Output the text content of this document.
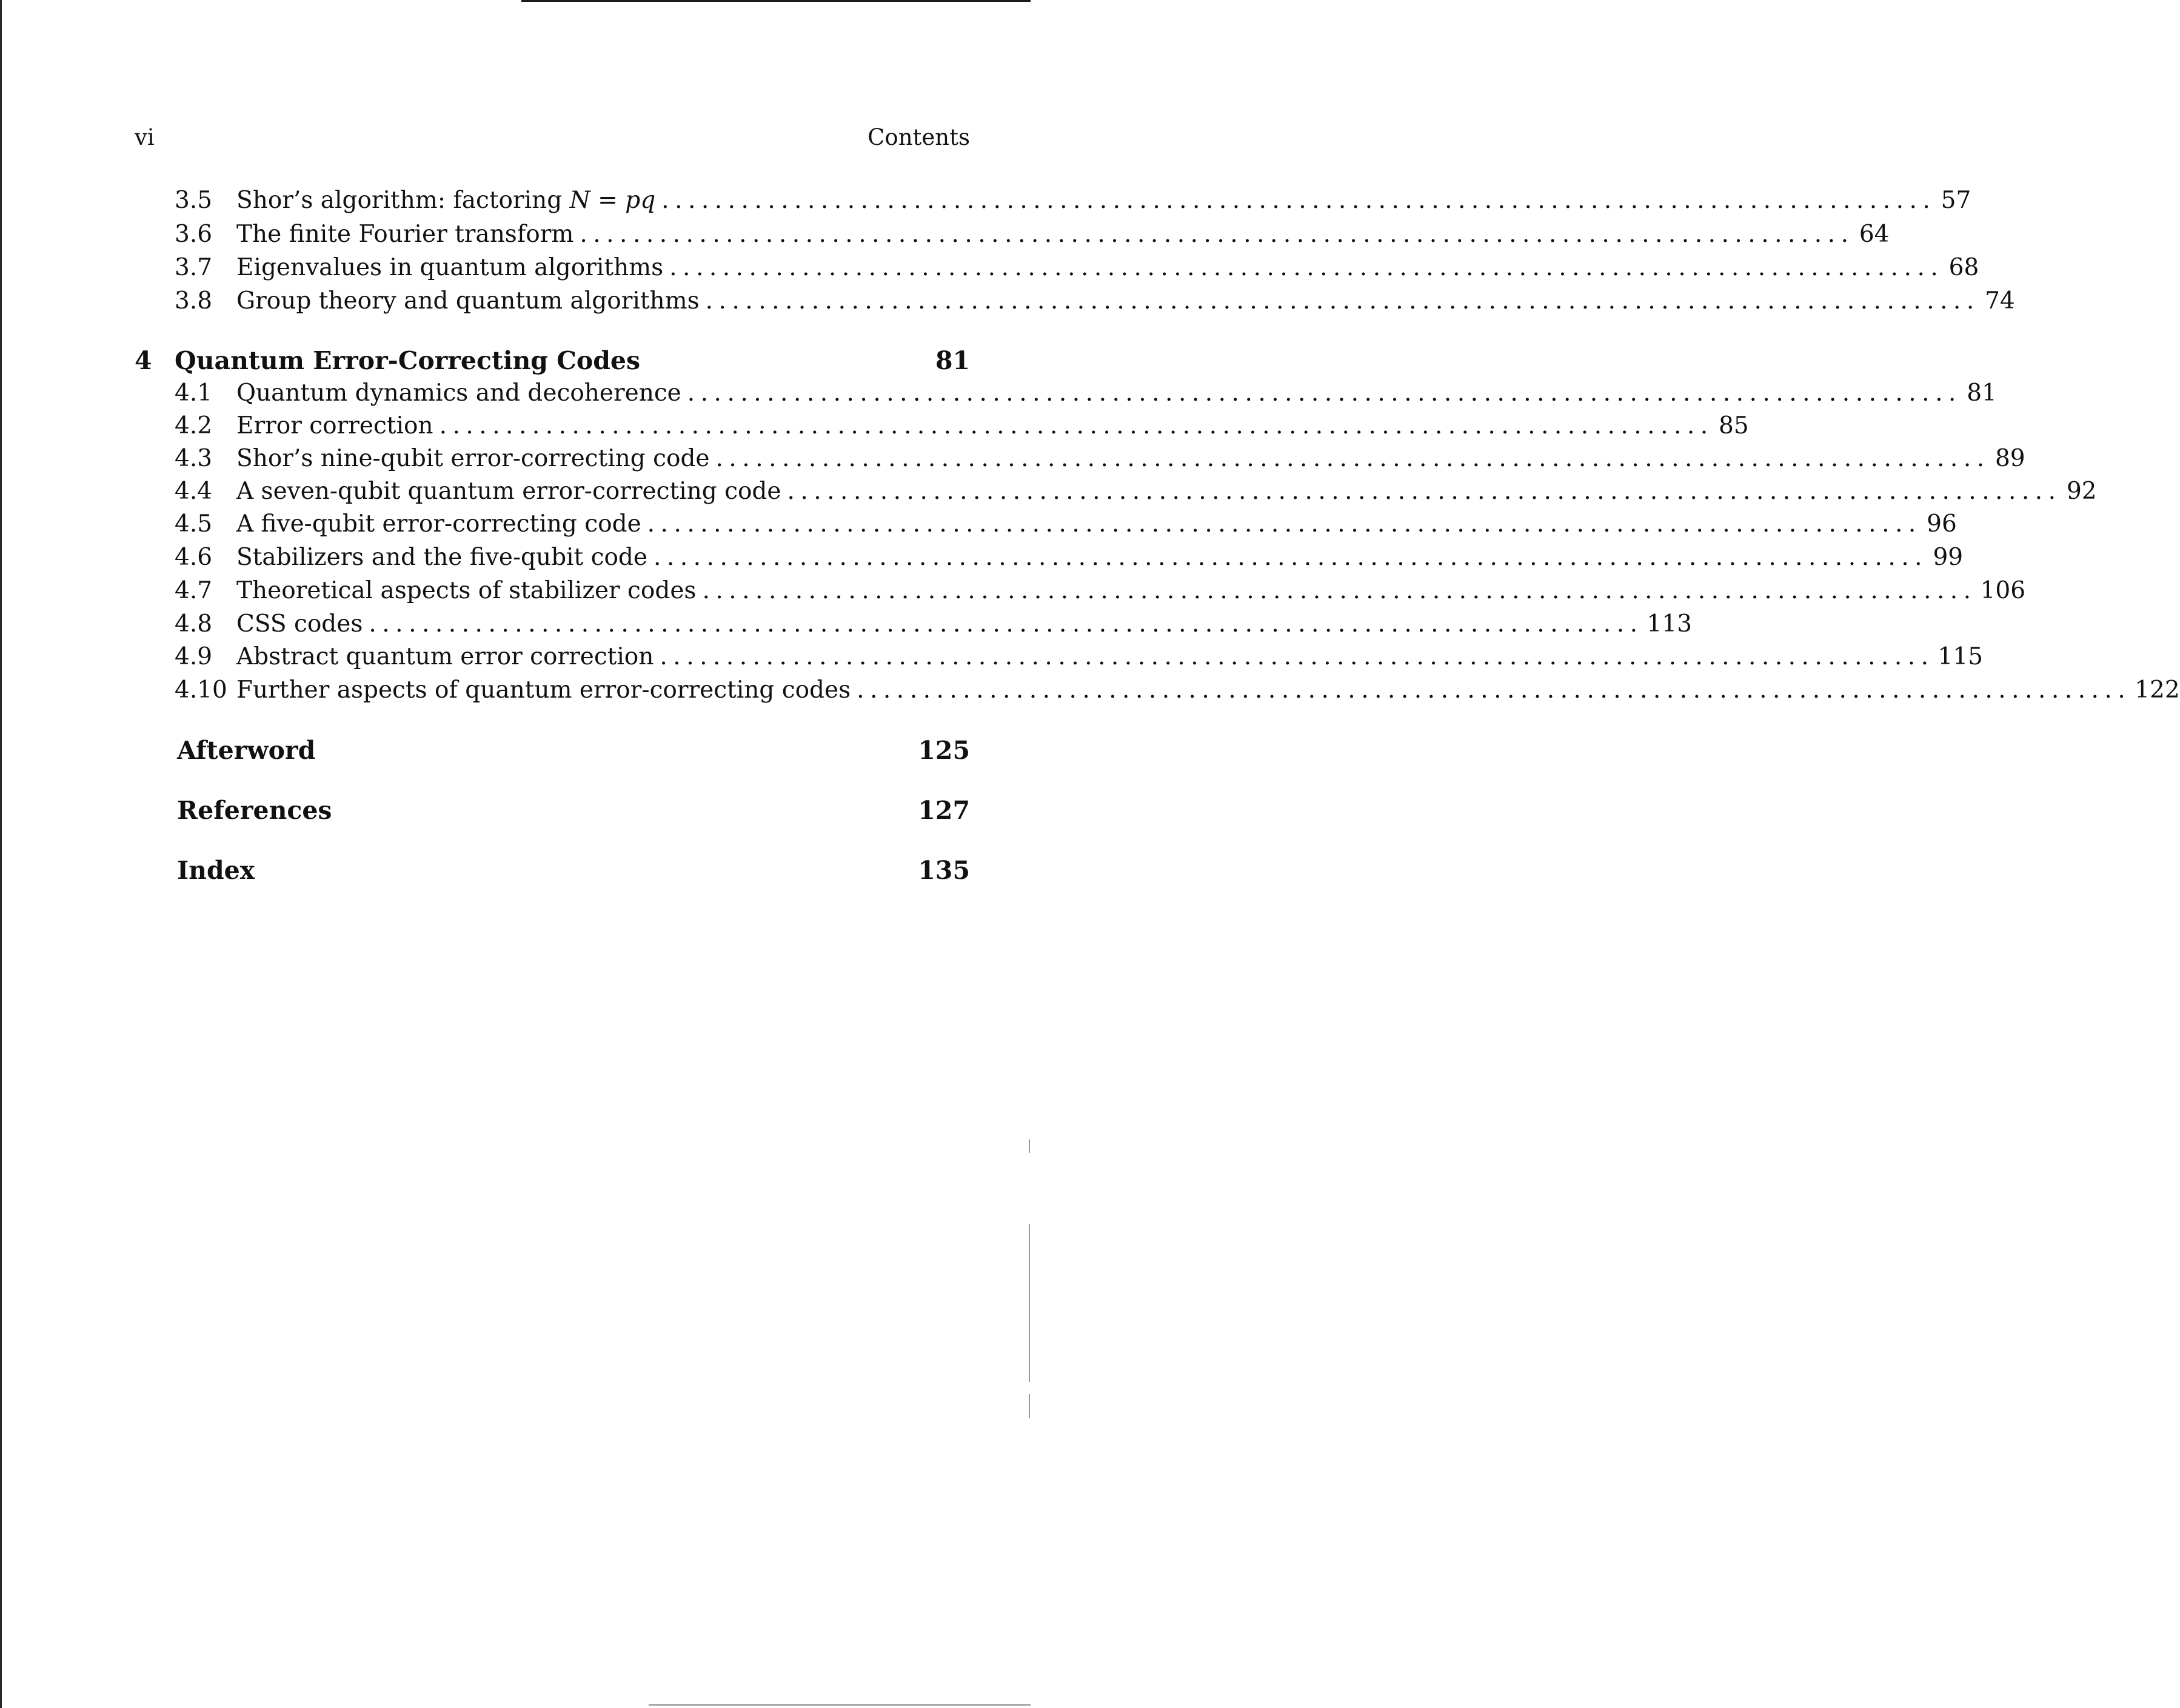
vi	Contents
3.5 Shor’s algorithm: factoring N = pq ................................................................................................ 57
3.6 The finite Fourier transform ................................................................................................ 64
3.7 Eigenvalues in quantum algorithms ................................................................................................ 68
3.8 Group theory and quantum algorithms ................................................................................................ 74
4 Quantum Error-Correcting Codes	81
4.1 Quantum dynamics and decoherence ................................................................................................ 81
4.2 Error correction ................................................................................................ 85
4.3 Shor’s nine-qubit error-correcting code ................................................................................................ 89
4.4 A seven-qubit quantum error-correcting code ................................................................................................ 92
4.5 A five-qubit error-correcting code ................................................................................................ 96
4.6 Stabilizers and the five-qubit code ................................................................................................ 99
4.7 Theoretical aspects of stabilizer codes ................................................................................................ 106
4.8 CSS codes ................................................................................................ 113
4.9 Abstract quantum error correction ................................................................................................ 115
4.10 Further aspects of quantum error-correcting codes ................................................................................................ 122
Afterword	125
References	127
Index	135
